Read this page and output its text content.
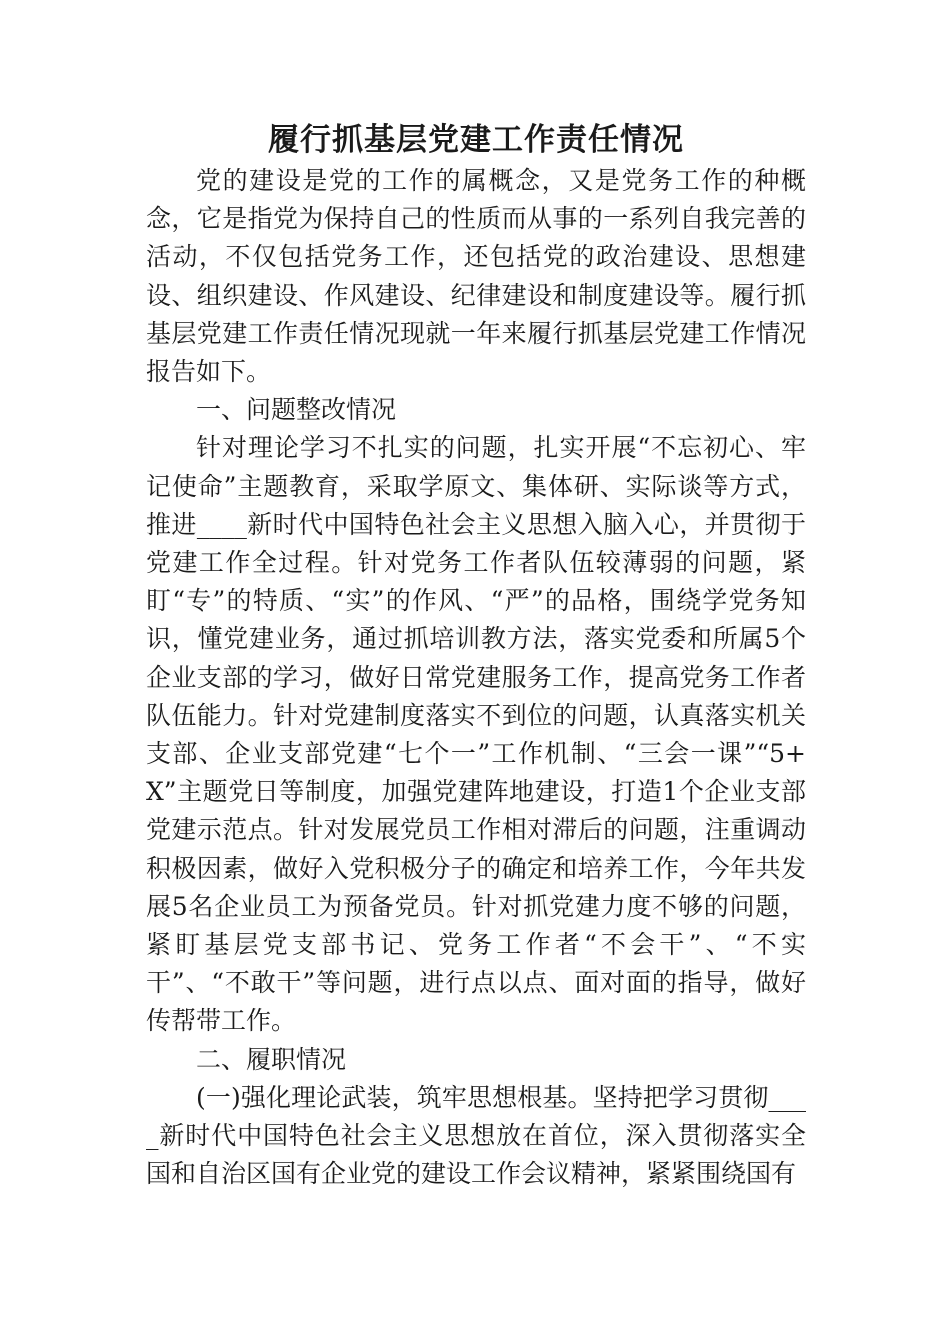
履行抓基层党建工作责任情况

党的建设是党的工作的属概念，又是党务工作的种概念，它是指党为保持自己的性质而从事的一系列自我完善的活动，不仅包括党务工作，还包括党的政治建设、思想建设、组织建设、作风建设、纪律建设和制度建设等。履行抓基层党建工作责任情况现就一年来履行抓基层党建工作情况报告如下。

一、问题整改情况

针对理论学习不扎实的问题，扎实开展“不忘初心、牢记使命”主题教育，采取学原文、集体研、实际谈等方式，推进____新时代中国特色社会主义思想入脑入心，并贯彻于党建工作全过程。针对党务工作者队伍较薄弱的问题，紧盯“专”的特质、“实”的作风、“严”的品格，围绕学党务知识，懂党建业务，通过抓培训教方法，落实党委和所属5个企业支部的学习，做好日常党建服务工作，提高党务工作者队伍能力。针对党建制度落实不到位的问题，认真落实机关支部、企业支部党建“七个一”工作机制、“三会一课”“5+X”主题党日等制度，加强党建阵地建设，打造1个企业支部党建示范点。针对发展党员工作相对滞后的问题，注重调动积极因素，做好入党积极分子的确定和培养工作，今年共发展5名企业员工为预备党员。针对抓党建力度不够的问题，紧盯基层党支部书记、党务工作者“不会干”、“不实干”、“不敢干”等问题，进行点以点、面对面的指导，做好传帮带工作。

二、履职情况

(一)强化理论武装，筑牢思想根基。坚持把学习贯彻____新时代中国特色社会主义思想放在首位，深入贯彻落实全国和自治区国有企业党的建设工作会议精神，紧紧围绕国有
